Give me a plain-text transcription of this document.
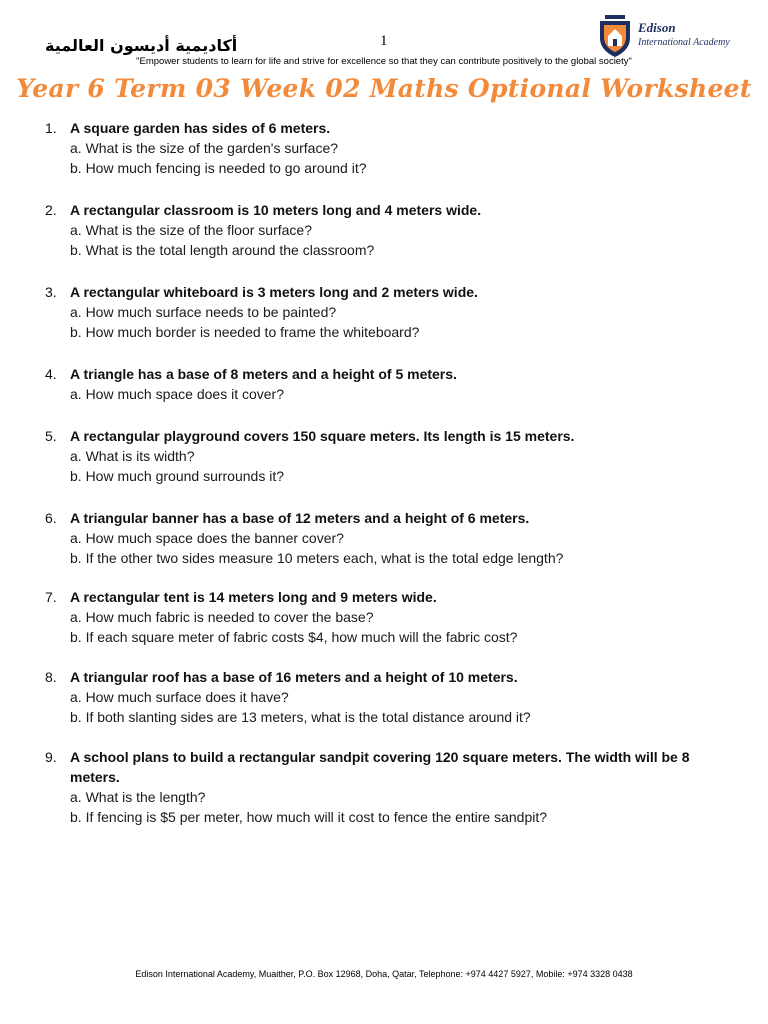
أكاديمية أديسون العالمية	1
Edison
International Academy
"Empower students to learn for life and strive for excellence so that they can contribute positively to the global society"
Year 6 Term 03 Week 02 Maths Optional Worksheet
1. A square garden has sides of 6 meters.
a. What is the size of the garden's surface?
b. How much fencing is needed to go around it?
2. A rectangular classroom is 10 meters long and 4 meters wide.
a. What is the size of the floor surface?
b. What is the total length around the classroom?
3. A rectangular whiteboard is 3 meters long and 2 meters wide.
a. How much surface needs to be painted?
b. How much border is needed to frame the whiteboard?
4. A triangle has a base of 8 meters and a height of 5 meters.
a. How much space does it cover?
5. A rectangular playground covers 150 square meters. Its length is 15 meters.
a. What is its width?
b. How much ground surrounds it?
6. A triangular banner has a base of 12 meters and a height of 6 meters.
a. How much space does the banner cover?
b. If the other two sides measure 10 meters each, what is the total edge length?
7. A rectangular tent is 14 meters long and 9 meters wide.
a. How much fabric is needed to cover the base?
b. If each square meter of fabric costs $4, how much will the fabric cost?
8. A triangular roof has a base of 16 meters and a height of 10 meters.
a. How much surface does it have?
b. If both slanting sides are 13 meters, what is the total distance around it?
9. A school plans to build a rectangular sandpit covering 120 square meters. The width will be 8 meters.
a. What is the length?
b. If fencing is $5 per meter, how much will it cost to fence the entire sandpit?
Edison International Academy, Muaither, P.O. Box 12968, Doha, Qatar, Telephone: +974 4427 5927, Mobile: +974 3328 0438
